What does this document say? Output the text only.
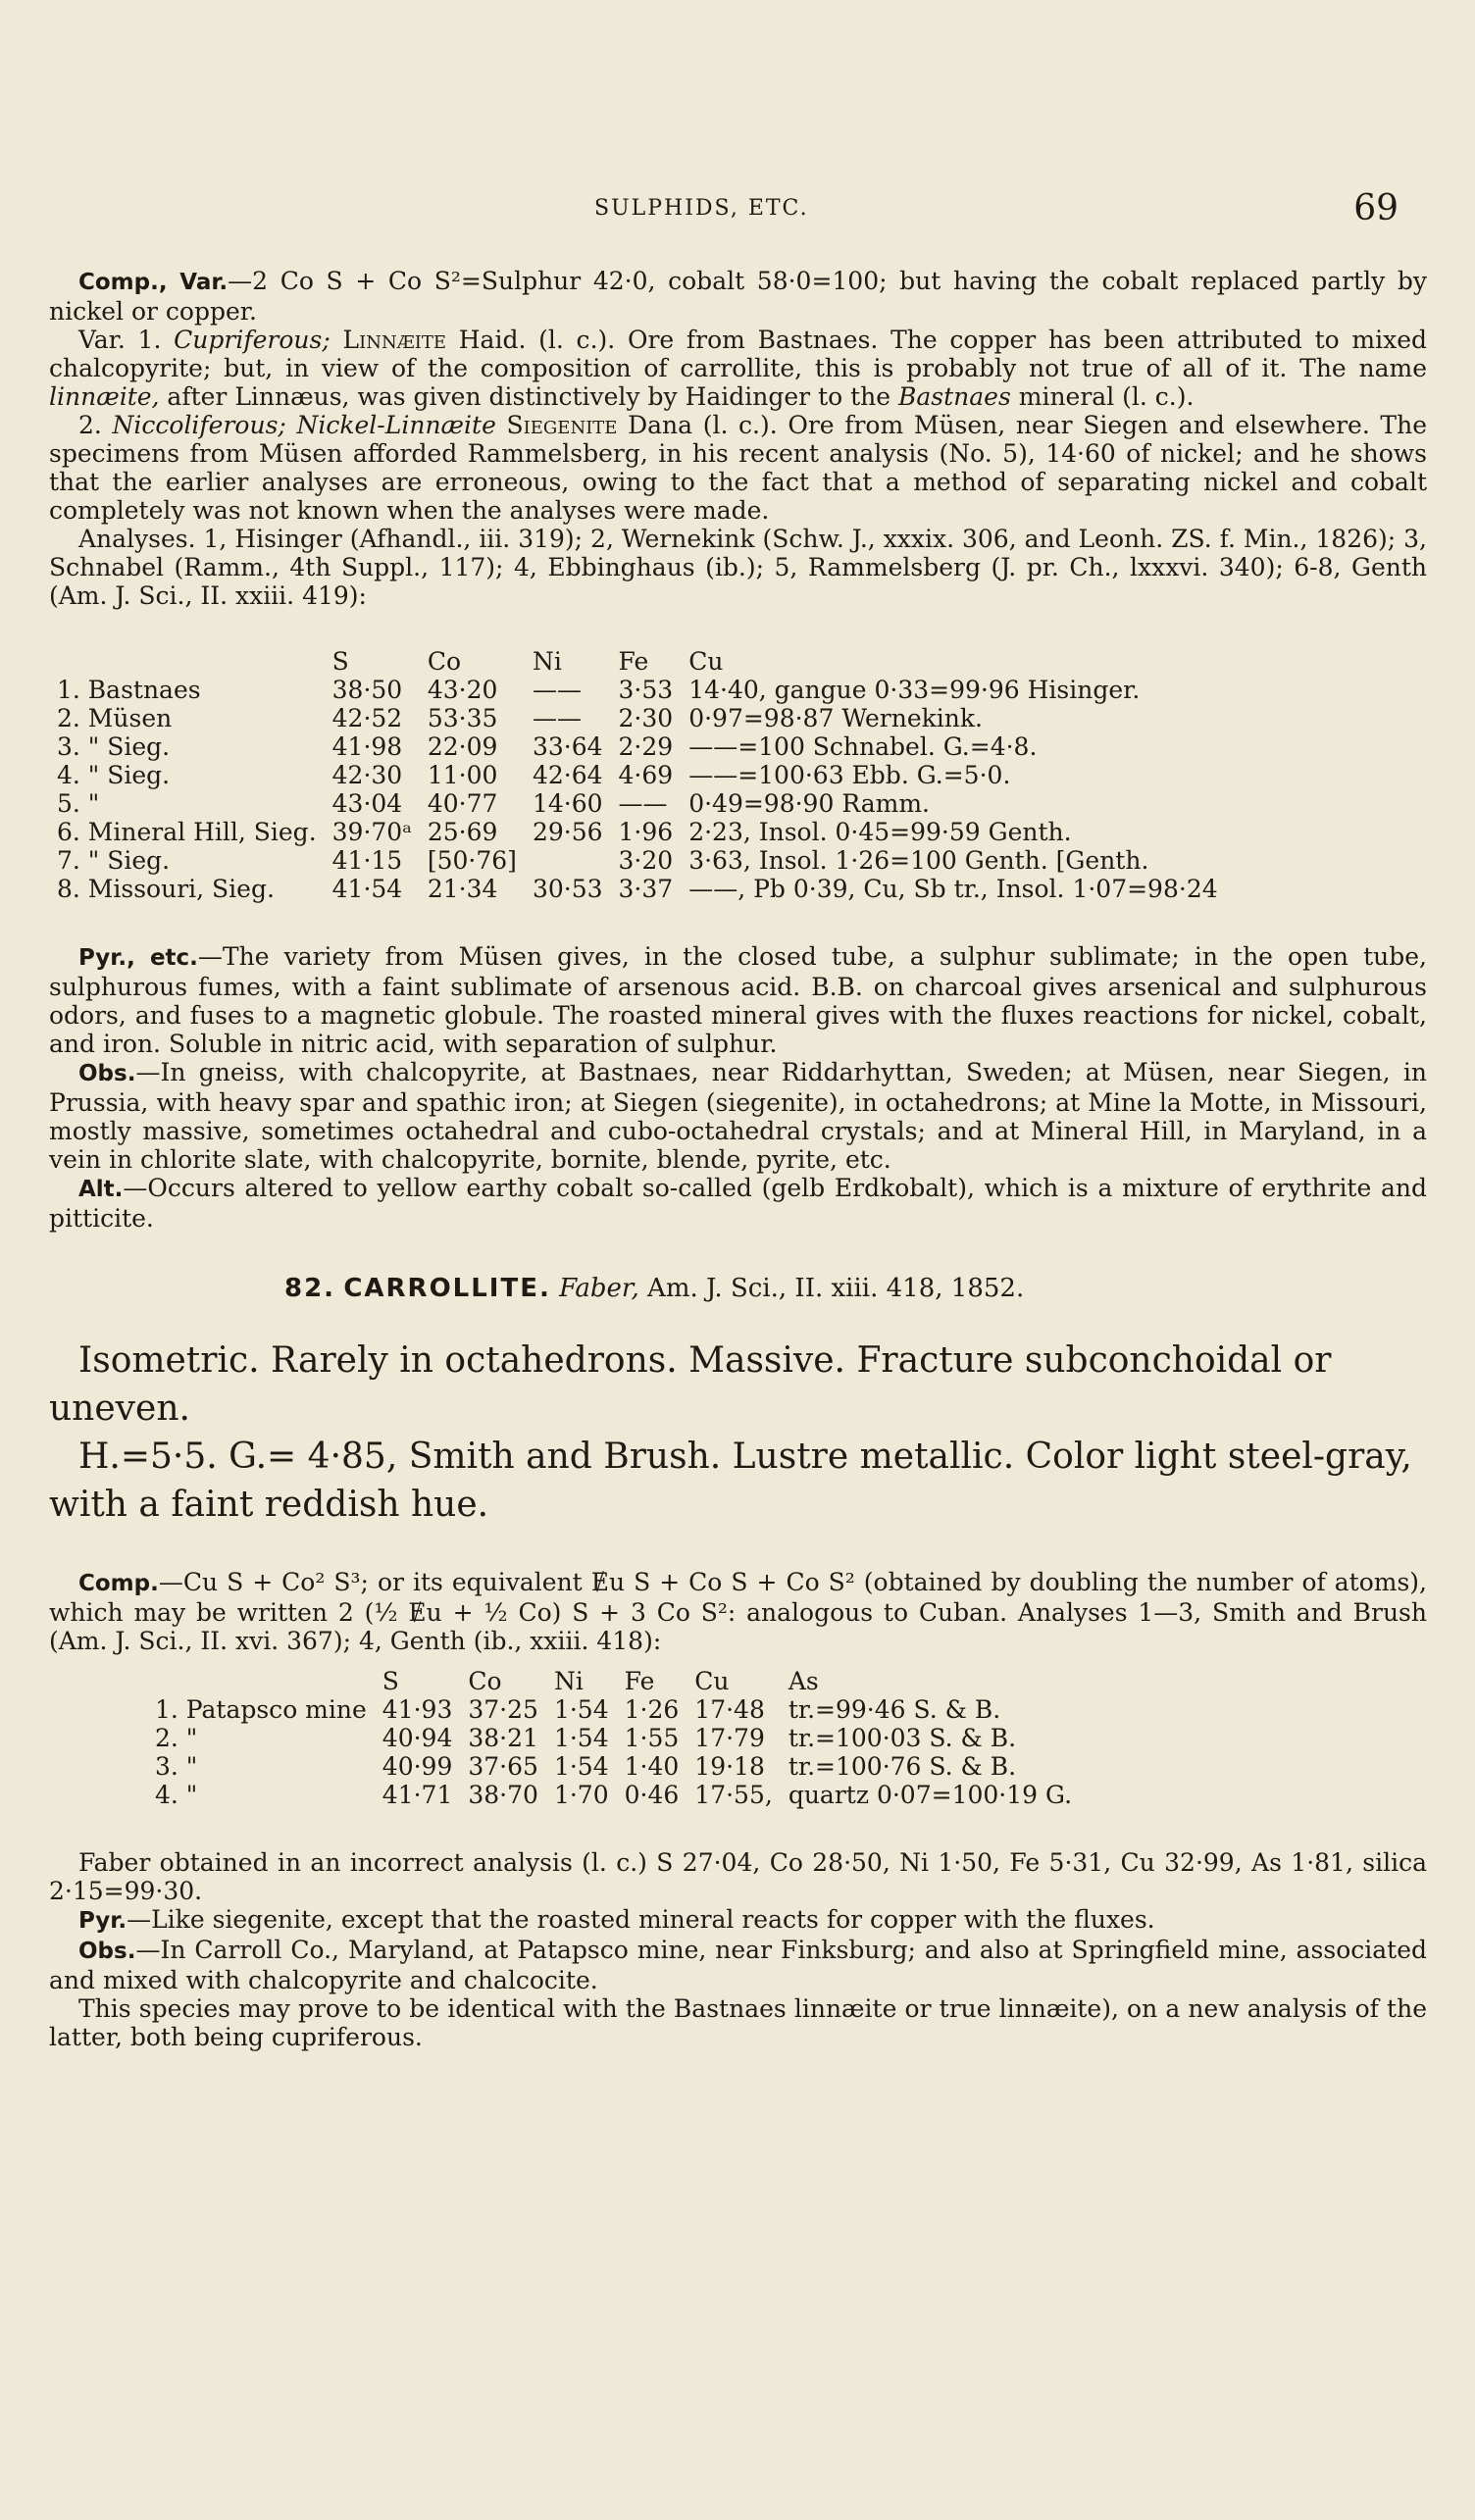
SULPHIDS, ETC.	69

Comp., Var.—2 Co S + Co S²=Sulphur 42·0, cobalt 58·0=100; but having the cobalt replaced partly by nickel or copper.

Var. 1. Cupriferous; Linnæite Haid. (l. c.). Ore from Bastnaes. The copper has been attributed to mixed chalcopyrite; but, in view of the composition of carrollite, this is probably not true of all of it. The name linnæite, after Linnæus, was given distinctively by Haidinger to the Bastnaes mineral (l. c.).

2. Niccoliferous; Nickel-Linnæite Siegenite Dana (l. c.). Ore from Müsen, near Siegen and elsewhere. The specimens from Müsen afforded Rammelsberg, in his recent analysis (No. 5), 14·60 of nickel; and he shows that the earlier analyses are erroneous, owing to the fact that a method of separating nickel and cobalt completely was not known when the analyses were made.

Analyses. 1, Hisinger (Afhandl., iii. 319); 2, Wernekink (Schw. J., xxxix. 306, and Leonh. ZS. f. Min., 1826); 3, Schnabel (Ramm., 4th Suppl., 117); 4, Ebbinghaus (ib.); 5, Rammelsberg (J. pr. Ch., lxxxvi. 340); 6-8, Genth (Am. J. Sci., II. xxiii. 419):

	S	Co	Ni	Fe	Cu
1. Bastnaes	38·50	43·20	——	3·53	14·40, gangue 0·33=99·96 Hisinger.
2. Müsen	42·52	53·35	——	2·30	0·97=98·87 Wernekink.
3. " Sieg.	41·98	22·09	33·64	2·29	——=100 Schnabel. G.=4·8.
4. " Sieg.	42·30	11·00	42·64	4·69	——=100·63 Ebb. G.=5·0.
5. "	43·04	40·77	14·60	——	0·49=98·90 Ramm.
6. Mineral Hill, Sieg.	39·70ᵃ	25·69	29·56	1·96	2·23, Insol. 0·45=99·59 Genth.
7. " Sieg.	41·15	[50·76]		3·20	3·63, Insol. 1·26=100 Genth. [Genth.
8. Missouri, Sieg.	41·54	21·34	30·53	3·37	——, Pb 0·39, Cu, Sb tr., Insol. 1·07=98·24

Pyr., etc.—The variety from Müsen gives, in the closed tube, a sulphur sublimate; in the open tube, sulphurous fumes, with a faint sublimate of arsenous acid. B.B. on charcoal gives arsenical and sulphurous odors, and fuses to a magnetic globule. The roasted mineral gives with the fluxes reactions for nickel, cobalt, and iron. Soluble in nitric acid, with separation of sulphur.

Obs.—In gneiss, with chalcopyrite, at Bastnaes, near Riddarhyttan, Sweden; at Müsen, near Siegen, in Prussia, with heavy spar and spathic iron; at Siegen (siegenite), in octahedrons; at Mine la Motte, in Missouri, mostly massive, sometimes octahedral and cubo-octahedral crystals; and at Mineral Hill, in Maryland, in a vein in chlorite slate, with chalcopyrite, bornite, blende, pyrite, etc.

Alt.—Occurs altered to yellow earthy cobalt so-called (gelb Erdkobalt), which is a mixture of erythrite and pitticite.

82. CARROLLITE. Faber, Am. J. Sci., II. xiii. 418, 1852.

Isometric. Rarely in octahedrons. Massive. Fracture subconchoidal or uneven.

H.=5·5. G.= 4·85, Smith and Brush. Lustre metallic. Color light steel-gray, with a faint reddish hue.

Comp.—Cu S + Co² S³; or its equivalent Ɇu S + Co S + Co S² (obtained by doubling the number of atoms), which may be written 2 (½ Ɇu + ½ Co) S + 3 Co S²: analogous to Cuban. Analyses 1—3, Smith and Brush (Am. J. Sci., II. xvi. 367); 4, Genth (ib., xxiii. 418):

	S	Co	Ni	Fe	Cu	As
1. Patapsco mine	41·93	37·25	1·54	1·26	17·48	tr.=99·46 S. & B.
2. "	40·94	38·21	1·54	1·55	17·79	tr.=100·03 S. & B.
3. "	40·99	37·65	1·54	1·40	19·18	tr.=100·76 S. & B.
4. "	41·71	38·70	1·70	0·46	17·55,	quartz 0·07=100·19 G.

Faber obtained in an incorrect analysis (l. c.) S 27·04, Co 28·50, Ni 1·50, Fe 5·31, Cu 32·99, As 1·81, silica 2·15=99·30.

Pyr.—Like siegenite, except that the roasted mineral reacts for copper with the fluxes.

Obs.—In Carroll Co., Maryland, at Patapsco mine, near Finksburg; and also at Springfield mine, associated and mixed with chalcopyrite and chalcocite.

This species may prove to be identical with the Bastnaes linnæite or true linnæite), on a new analysis of the latter, both being cupriferous.
